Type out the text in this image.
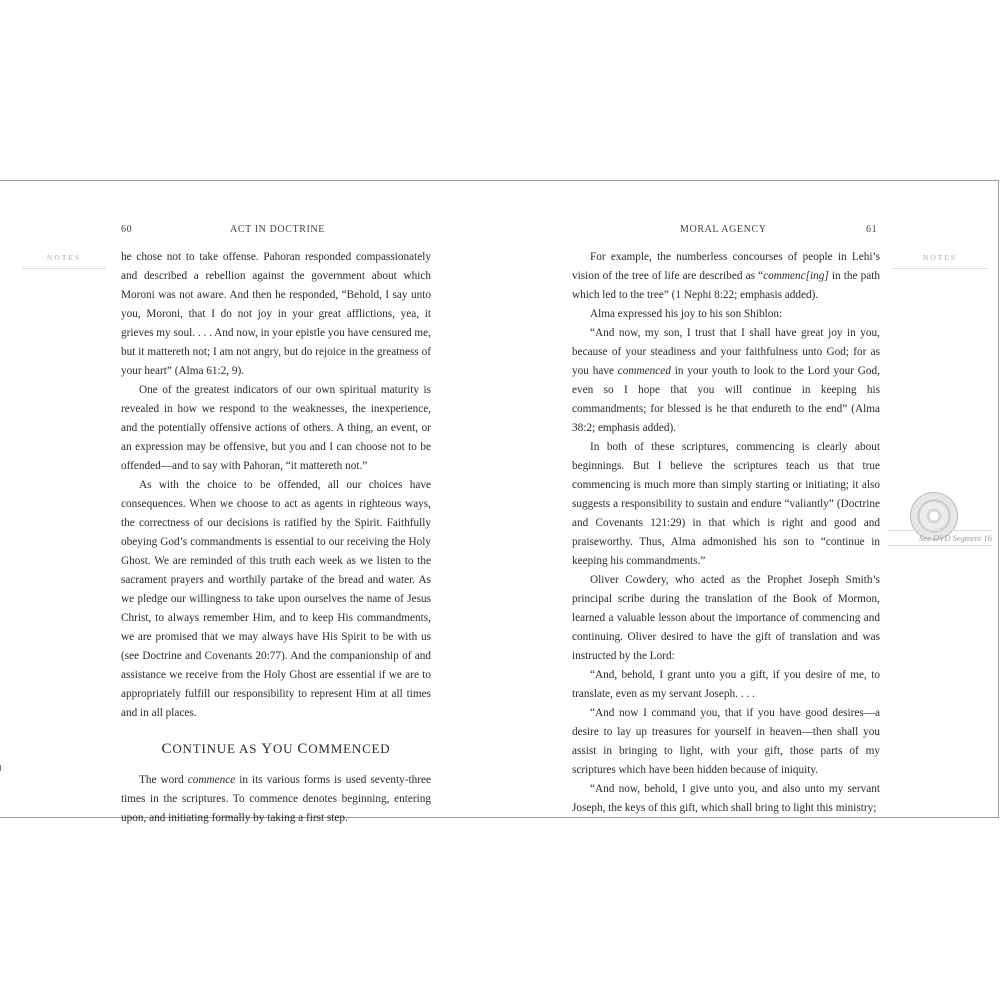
60	ACT IN DOCTRINE
NOTES	he chose not to take offense. Pahoran responded compassionately and described a rebellion against the government about which Moroni was not aware. And then he responded, “Behold, I say unto you, Moroni, that I do not joy in your great afflictions, yea, it grieves my soul. . . . And now, in your epistle you have censured me, but it mattereth not; I am not angry, but do rejoice in the greatness of your heart” (Alma 61:2, 9).

One of the greatest indicators of our own spiritual maturity is revealed in how we respond to the weaknesses, the inexperience, and the potentially offensive actions of others. A thing, an event, or an expression may be offensive, but you and I can choose not to be offended—and to say with Pahoran, “it mattereth not.”

As with the choice to be offended, all our choices have consequences. When we choose to act as agents in righteous ways, the correctness of our decisions is ratified by the Spirit. Faithfully obeying God’s commandments is essential to our receiving the Holy Ghost. We are reminded of this truth each week as we listen to the sacrament prayers and worthily partake of the bread and water. As we pledge our willingness to take upon ourselves the name of Jesus Christ, to always remember Him, and to keep His commandments, we are promised that we may always have His Spirit to be with us (see Doctrine and Covenants 20:77). And the companionship of and assistance we receive from the Holy Ghost are essential if we are to appropriately fulfill our responsibility to represent Him at all times and in all places.

CONTINUE AS YOU COMMENCED

The word commence in its various forms is used seventy-three times in the scriptures. To commence denotes beginning, entering upon, and initiating formally by taking a first step.

MORAL AGENCY	61
NOTES

For example, the numberless concourses of people in Lehi’s vision of the tree of life are described as “commenc[ing] in the path which led to the tree” (1 Nephi 8:22; emphasis added).

Alma expressed his joy to his son Shiblon:

“And now, my son, I trust that I shall have great joy in you, because of your steadiness and your faithfulness unto God; for as you have commenced in your youth to look to the Lord your God, even so I hope that you will continue in keeping his commandments; for blessed is he that endureth to the end” (Alma 38:2; emphasis added).

In both of these scriptures, commencing is clearly about beginnings. But I believe the scriptures teach us that true commencing is much more than simply starting or initiating; it also suggests a responsibility to sustain and endure “valiantly” (Doctrine and Covenants 121:29) in that which is right and good and praiseworthy. Thus, Alma admonished his son to “continue in keeping his commandments.”

Oliver Cowdery, who acted as the Prophet Joseph Smith’s principal scribe during the translation of the Book of Mormon, learned a valuable lesson about the importance of commencing and continuing. Oliver desired to have the gift of translation and was instructed by the Lord:

“And, behold, I grant unto you a gift, if you desire of me, to translate, even as my servant Joseph. . . .

“And now I command you, that if you have good desires—a desire to lay up treasures for yourself in heaven—then shall you assist in bringing to light, with your gift, those parts of my scriptures which have been hidden because of iniquity.

“And now, behold, I give unto you, and also unto my servant Joseph, the keys of this gift, which shall bring to light this ministry;

See DVD Segment 16
